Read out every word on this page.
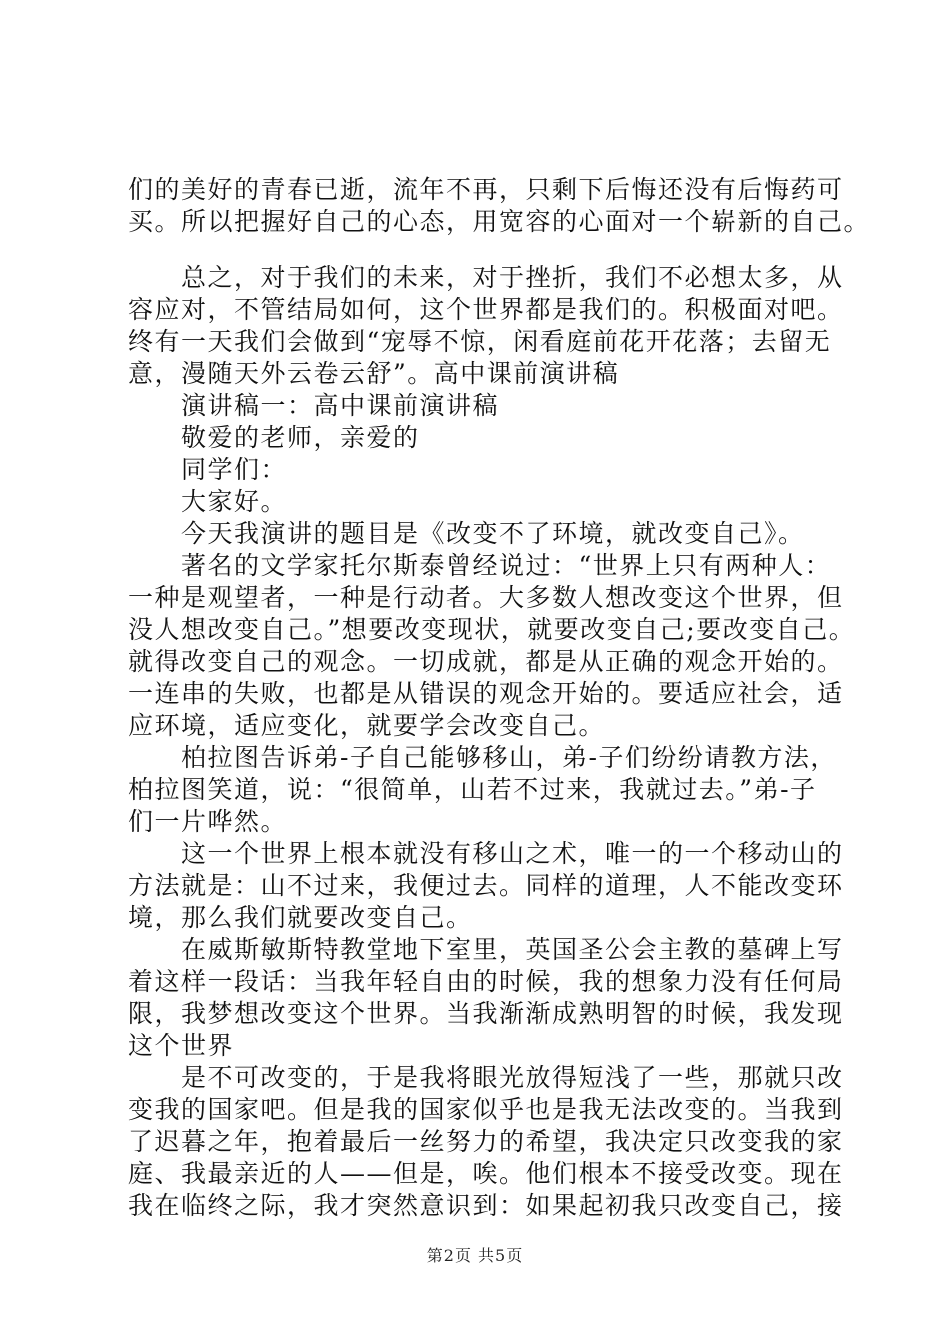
们的美好的青春已逝，流年不再，只剩下后悔还没有后悔药可
买。所以把握好自己的心态，用宽容的心面对一个崭新的自己。
　　总之，对于我们的未来，对于挫折，我们不必想太多，从
容应对，不管结局如何，这个世界都是我们的。积极面对吧。
终有一天我们会做到“宠辱不惊，闲看庭前花开花落；去留无
意，漫随天外云卷云舒”。高中课前演讲稿
　　演讲稿一：高中课前演讲稿
　　敬爱的老师，亲爱的
　　同学们：
　　大家好。
　　今天我演讲的题目是《改变不了环境，就改变自己》。
　　著名的文学家托尔斯泰曾经说过：“世界上只有两种人：
一种是观望者，一种是行动者。大多数人想改变这个世界，但
没人想改变自己。”想要改变现状，就要改变自己;要改变自己。
就得改变自己的观念。一切成就，都是从正确的观念开始的。
一连串的失败，也都是从错误的观念开始的。要适应社会，适
应环境，适应变化，就要学会改变自己。
　　柏拉图告诉弟-子自己能够移山，弟-子们纷纷请教方法，
柏拉图笑道，说：“很简单，山若不过来，我就过去。”弟-子
们一片哗然。
　　这一个世界上根本就没有移山之术，唯一的一个移动山的
方法就是：山不过来，我便过去。同样的道理，人不能改变环
境，那么我们就要改变自己。
　　在威斯敏斯特教堂地下室里，英国圣公会主教的墓碑上写
着这样一段话：当我年轻自由的时候，我的想象力没有任何局
限，我梦想改变这个世界。当我渐渐成熟明智的时候，我发现
这个世界
　　是不可改变的，于是我将眼光放得短浅了一些，那就只改
变我的国家吧。但是我的国家似乎也是我无法改变的。当我到
了迟暮之年，抱着最后一丝努力的希望，我决定只改变我的家
庭、我最亲近的人——但是，唉。他们根本不接受改变。现在
我在临终之际，我才突然意识到：如果起初我只改变自己，接
第2页 共5页
